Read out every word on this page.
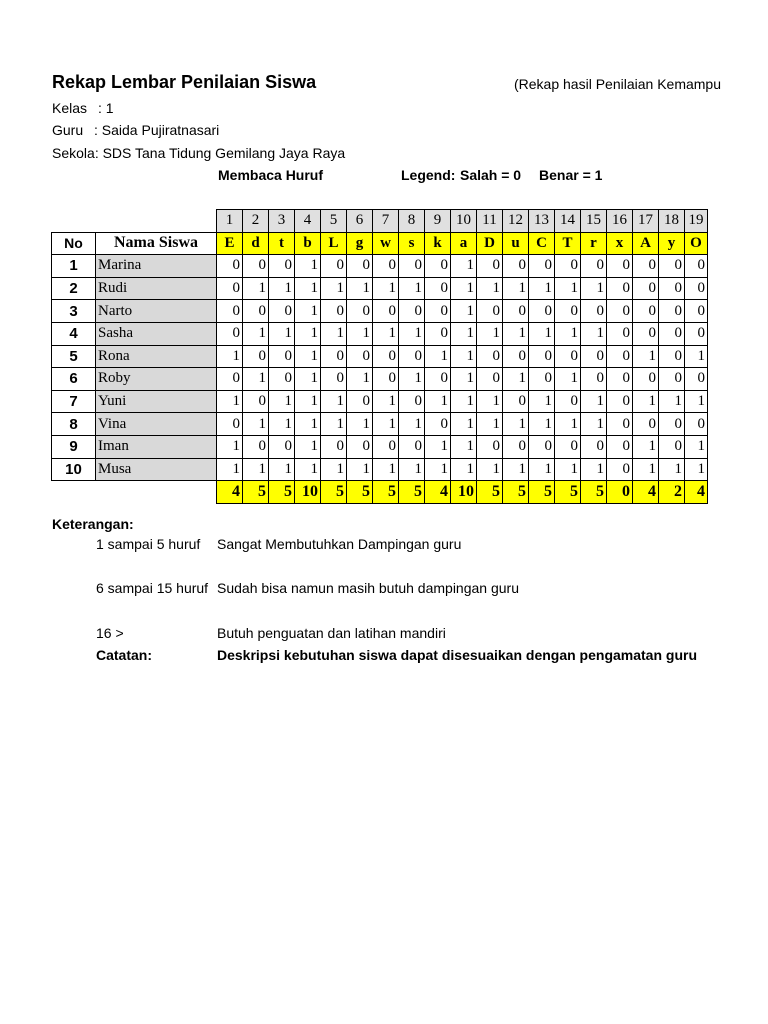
Rekap Lembar Penilaian Siswa	(Rekap hasil Penilaian Kemampu
Kelas : 1
Guru : Saida Pujiratnasari
Sekola: SDS Tana Tidung Gemilang Jaya Raya
Membaca Huruf	Legend: Salah = 0 Benar = 1
		1	2	3	4	5	6	7	8	9	10	11	12	13	14	15	16	17	18	19
No	Nama Siswa	E	d	t	b	L	g	w	s	k	a	D	u	C	T	r	x	A	y	O
1	Marina	0	0	0	1	0	0	0	0	0	1	0	0	0	0	0	0	0	0	0
2	Rudi	0	1	1	1	1	1	1	1	0	1	1	1	1	1	1	0	0	0	0
3	Narto	0	0	0	1	0	0	0	0	0	1	0	0	0	0	0	0	0	0	0
4	Sasha	0	1	1	1	1	1	1	1	0	1	1	1	1	1	1	0	0	0	0
5	Rona	1	0	0	1	0	0	0	0	1	1	0	0	0	0	0	0	1	0	1
6	Roby	0	1	0	1	0	1	0	1	0	1	0	1	0	1	0	0	0	0	0
7	Yuni	1	0	1	1	1	0	1	0	1	1	1	0	1	0	1	0	1	1	1
8	Vina	0	1	1	1	1	1	1	1	0	1	1	1	1	1	1	0	0	0	0
9	Iman	1	0	0	1	0	0	0	0	1	1	0	0	0	0	0	0	1	0	1
10	Musa	1	1	1	1	1	1	1	1	1	1	1	1	1	1	1	0	1	1	1
		4	5	5	10	5	5	5	5	4	10	5	5	5	5	5	0	4	2	4
Keterangan:
1 sampai 5 huruf Sangat Membutuhkan Dampingan guru
6 sampai 15 huruf Sudah bisa namun masih butuh dampingan guru
16 >	Butuh penguatan dan latihan mandiri
Catatan:	Deskripsi kebutuhan siswa dapat disesuaikan dengan pengamatan guru
